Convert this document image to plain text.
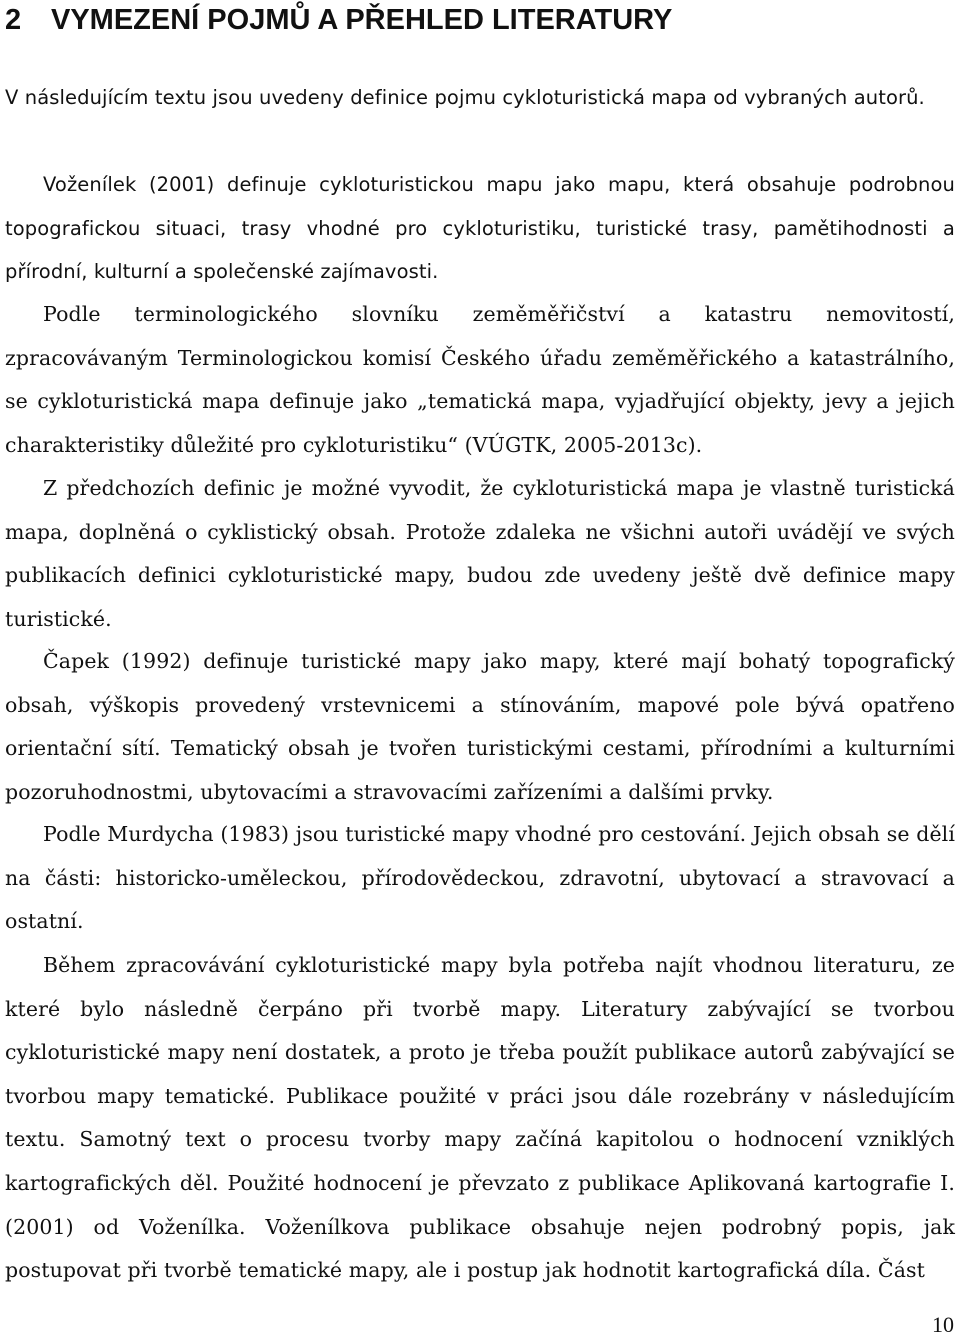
2 VYMEZENÍ POJMŮ A PŘEHLED LITERATURY

V následujícím textu jsou uvedeny definice pojmu cykloturistická mapa od vybraných autorů.

Voženílek (2001) definuje cykloturistickou mapu jako mapu, která obsahuje podrobnou topografickou situaci, trasy vhodné pro cykloturistiku, turistické trasy, pamětihodnosti a přírodní, kulturní a společenské zajímavosti.

Podle terminologického slovníku zeměměřičství a katastru nemovitostí, zpracovávaným Terminologickou komisí Českého úřadu zeměměřického a katastrálního, se cykloturistická mapa definuje jako „tematická mapa, vyjadřující objekty, jevy a jejich charakteristiky důležité pro cykloturistiku“ (VÚGTK, 2005-2013c).

Z předchozích definic je možné vyvodit, že cykloturistická mapa je vlastně turistická mapa, doplněná o cyklistický obsah. Protože zdaleka ne všichni autoři uvádějí ve svých publikacích definici cykloturistické mapy, budou zde uvedeny ještě dvě definice mapy turistické.

Čapek (1992) definuje turistické mapy jako mapy, které mají bohatý topografický obsah, výškopis provedený vrstevnicemi a stínováním, mapové pole bývá opatřeno orientační sítí. Tematický obsah je tvořen turistickými cestami, přírodními a kulturními pozoruhodnostmi, ubytovacími a stravovacími zařízeními a dalšími prvky.

Podle Murdycha (1983) jsou turistické mapy vhodné pro cestování. Jejich obsah se dělí na části: historicko-uměleckou, přírodovědeckou, zdravotní, ubytovací a stravovací a ostatní.

Během zpracovávání cykloturistické mapy byla potřeba najít vhodnou literaturu, ze které bylo následně čerpáno při tvorbě mapy. Literatury zabývající se tvorbou cykloturistické mapy není dostatek, a proto je třeba použít publikace autorů zabývající se tvorbou mapy tematické. Publikace použité v práci jsou dále rozebrány v následujícím textu. Samotný text o procesu tvorby mapy začíná kapitolou o hodnocení vzniklých kartografických děl. Použité hodnocení je převzato z publikace Aplikovaná kartografie I. (2001) od Voženílka. Voženílkova publikace obsahuje nejen podrobný popis, jak postupovat při tvorbě tematické mapy, ale i postup jak hodnotit kartografická díla. Část

10
